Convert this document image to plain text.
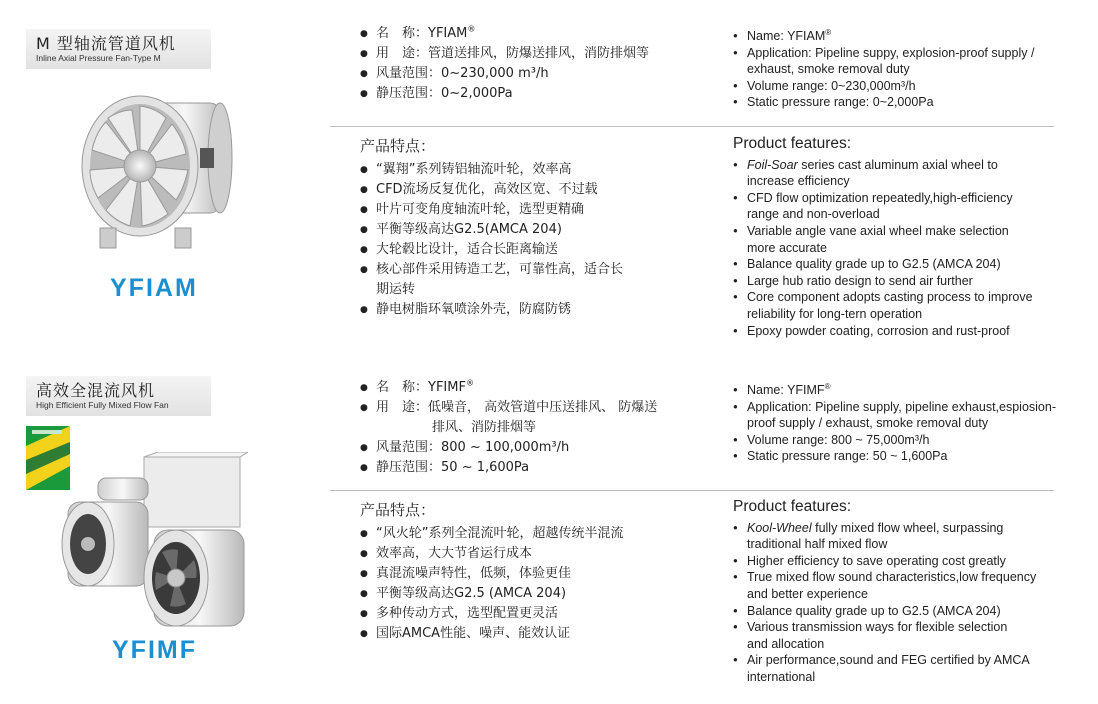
M 型轴流管道风机
Inline Axial Pressure Fan-Type M
YFIAM
● 名　称：YFIAM®
● 用　途：管道送排风，防爆送排风，消防排烟等
● 风量范围：0~230,000 m³/h
● 静压范围：0~2,000Pa
● Name: YFIAM®
● Application: Pipeline suppy, explosion-proof supply /
exhaust, smoke removal duty
● Volume range: 0~230,000m³/h
● Static pressure range: 0~2,000Pa
产品特点：
● “翼翔”系列铸铝轴流叶轮，效率高
● CFD流场反复优化，高效区宽、不过载
● 叶片可变角度轴流叶轮，选型更精确
● 平衡等级高达G2.5(AMCA 204)
● 大轮毂比设计，适合长距离输送
● 核心部件采用铸造工艺，可靠性高，适合长
期运转
● 静电树脂环氧喷涂外壳，防腐防锈
Product features:
● Foil-Soar series cast aluminum axial wheel to
increase efficiency
● CFD flow optimization repeatedly,high-efficiency
range and non-overload
● Variable angle vane axial wheel make selection
more accurate
● Balance quality grade up to G2.5 (AMCA 204)
● Large hub ratio design to send air further
● Core component adopts casting process to improve
reliability for long-tern operation
● Epoxy powder coating, corrosion and rust-proof
高效全混流风机
High Efficient Fully Mixed Flow Fan
YFIMF
● 名　称：YFIMF®
● 用　途：低噪音， 高效管道中压送排风、 防爆送
排风、消防排烟等
● 风量范围：800 ~ 100,000m³/h
● 静压范围：50 ~ 1,600Pa
● Name: YFIMF®
● Application: Pipeline supply, pipeline exhaust,espiosion-
proof supply / exhaust, smoke removal duty
● Volume range: 800 ~ 75,000m³/h
● Static pressure range: 50 ~ 1,600Pa
产品特点：
● “风火轮”系列全混流叶轮，超越传统半混流
● 效率高，大大节省运行成本
● 真混流噪声特性，低频，体验更佳
● 平衡等级高达G2.5 (AMCA 204)
● 多种传动方式，选型配置更灵活
● 国际AMCA性能、噪声、能效认证
Product features:
● Kool-Wheel fully mixed flow wheel, surpassing
traditional half mixed flow
● Higher efficiency to save operating cost greatly
● True mixed flow sound characteristics,low frequency
and better experience
● Balance quality grade up to G2.5 (AMCA 204)
● Various transmission ways for flexible selection
and allocation
● Air performance,sound and FEG certified by AMCA
international
